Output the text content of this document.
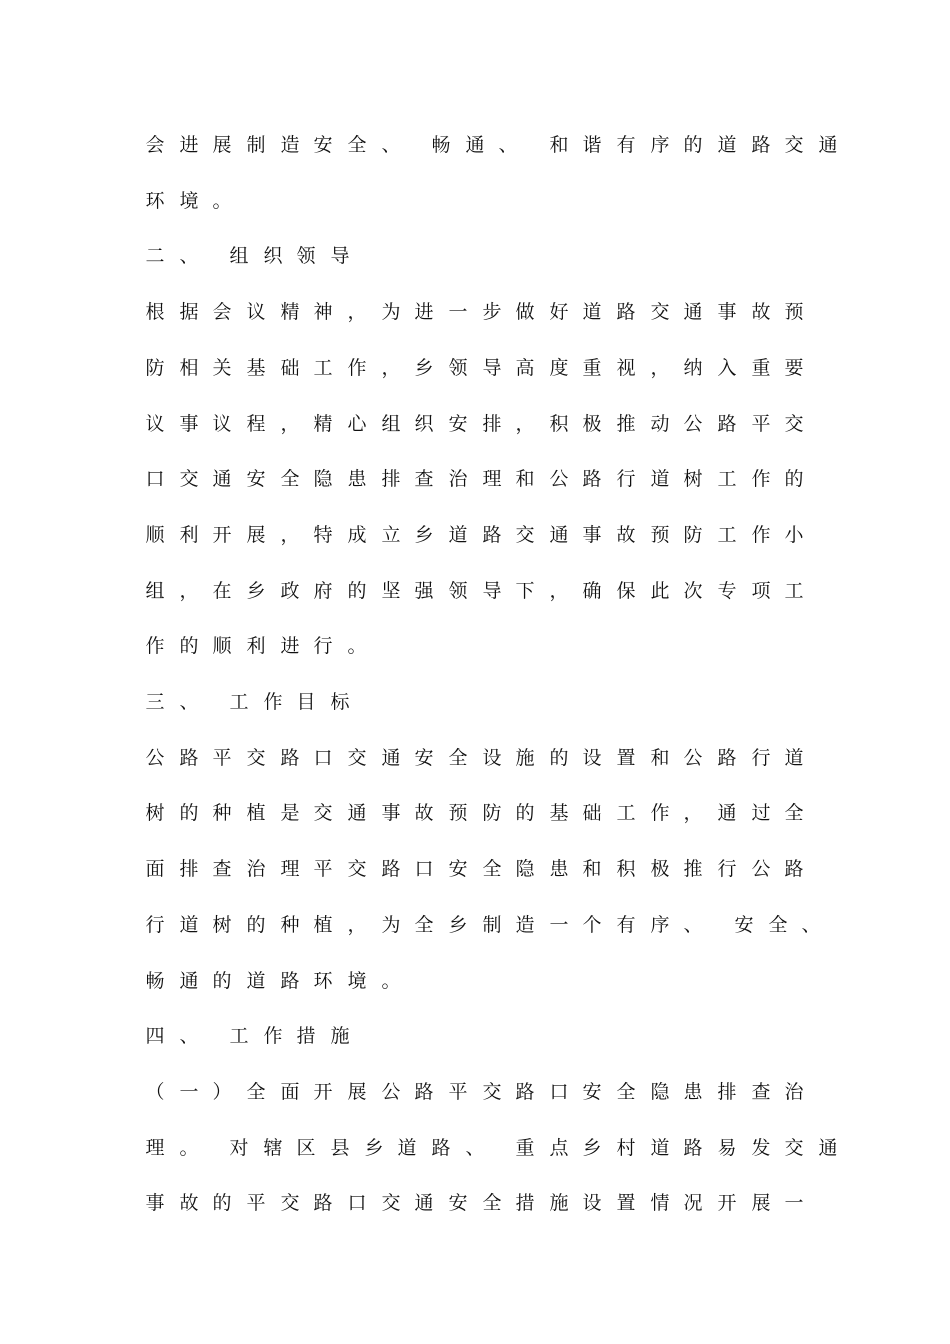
会 进 展 制 造 安 全 、 畅 通 、 和 谐 有 序 的 道 路 交 通
环 境 。
二 、 组 织 领 导
根 据 会 议 精 神 ， 为 进 一 步 做 好 道 路 交 通 事 故 预
防 相 关 基 础 工 作 ， 乡 领 导 高 度 重 视 ， 纳 入 重 要
议 事 议 程 ， 精 心 组 织 安 排 ， 积 极 推 动 公 路 平 交
口 交 通 安 全 隐 患 排 查 治 理 和 公 路 行 道 树 工 作 的
顺 利 开 展 ， 特 成 立 乡 道 路 交 通 事 故 预 防 工 作 小
组 ， 在 乡 政 府 的 坚 强 领 导 下 ， 确 保 此 次 专 项 工
作 的 顺 利 进 行 。
三 、 工 作 目 标
公 路 平 交 路 口 交 通 安 全 设 施 的 设 置 和 公 路 行 道
树 的 种 植 是 交 通 事 故 预 防 的 基 础 工 作 ， 通 过 全
面 排 查 治 理 平 交 路 口 安 全 隐 患 和 积 极 推 行 公 路
行 道 树 的 种 植 ， 为 全 乡 制 造 一 个 有 序 、 安 全 、
畅 通 的 道 路 环 境 。
四 、 工 作 措 施
（ 一 ） 全 面 开 展 公 路 平 交 路 口 安 全 隐 患 排 查 治
理 。 对 辖 区 县 乡 道 路 、 重 点 乡 村 道 路 易 发 交 通
事 故 的 平 交 路 口 交 通 安 全 措 施 设 置 情 况 开 展 一
